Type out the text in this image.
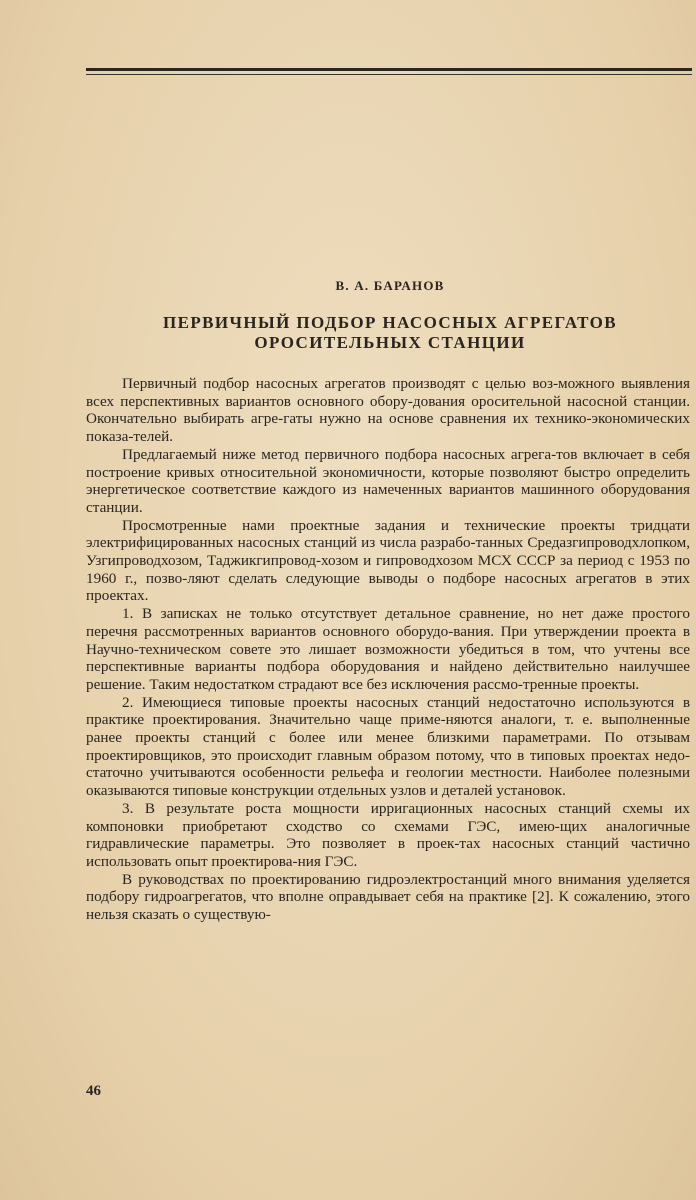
В. А. БАРАНОВ
ПЕРВИЧНЫЙ ПОДБОР НАСОСНЫХ АГРЕГАТОВ
ОРОСИТЕЛЬНЫХ СТАНЦИИ

Первичный подбор насосных агрегатов производят с целью воз-можного выявления всех перспективных вариантов основного обору-дования оросительной насосной станции. Окончательно выбирать агре-гаты нужно на основе сравнения их технико-экономических показа-телей.

Предлагаемый ниже метод первичного подбора насосных агрега-тов включает в себя построение кривых относительной экономичности, которые позволяют быстро определить энергетическое соответствие каждого из намеченных вариантов машинного оборудования станции.

Просмотренные нами проектные задания и технические проекты тридцати электрифицированных насосных станций из числа разрабо-танных Средазгипроводхлопком, Узгипроводхозом, Таджикгипровод-хозом и гипроводхозом МСХ СССР за период с 1953 по 1960 г., позво-ляют сделать следующие выводы о подборе насосных агрегатов в этих проектах.

1. В записках не только отсутствует детальное сравнение, но нет даже простого перечня рассмотренных вариантов основного оборудо-вания. При утверждении проекта в Научно-техническом совете это лишает возможности убедиться в том, что учтены все перспективные варианты подбора оборудования и найдено действительно наилучшее решение. Таким недостатком страдают все без исключения рассмо-тренные проекты.

2. Имеющиеся типовые проекты насосных станций недостаточно используются в практике проектирования. Значительно чаще приме-няются аналоги, т. е. выполненные ранее проекты станций с более или менее близкими параметрами. По отзывам проектировщиков, это происходит главным образом потому, что в типовых проектах недо-статочно учитываются особенности рельефа и геологии местности. Наиболее полезными оказываются типовые конструкции отдельных узлов и деталей установок.

3. В результате роста мощности ирригационных насосных станций схемы их компоновки приобретают сходство со схемами ГЭС, имею-щих аналогичные гидравлические параметры. Это позволяет в проек-тах насосных станций частично использовать опыт проектирова-ния ГЭС.

В руководствах по проектированию гидроэлектростанций много внимания уделяется подбору гидроагрегатов, что вполне оправдывает себя на практике [2]. К сожалению, этого нельзя сказать о существую-

46
